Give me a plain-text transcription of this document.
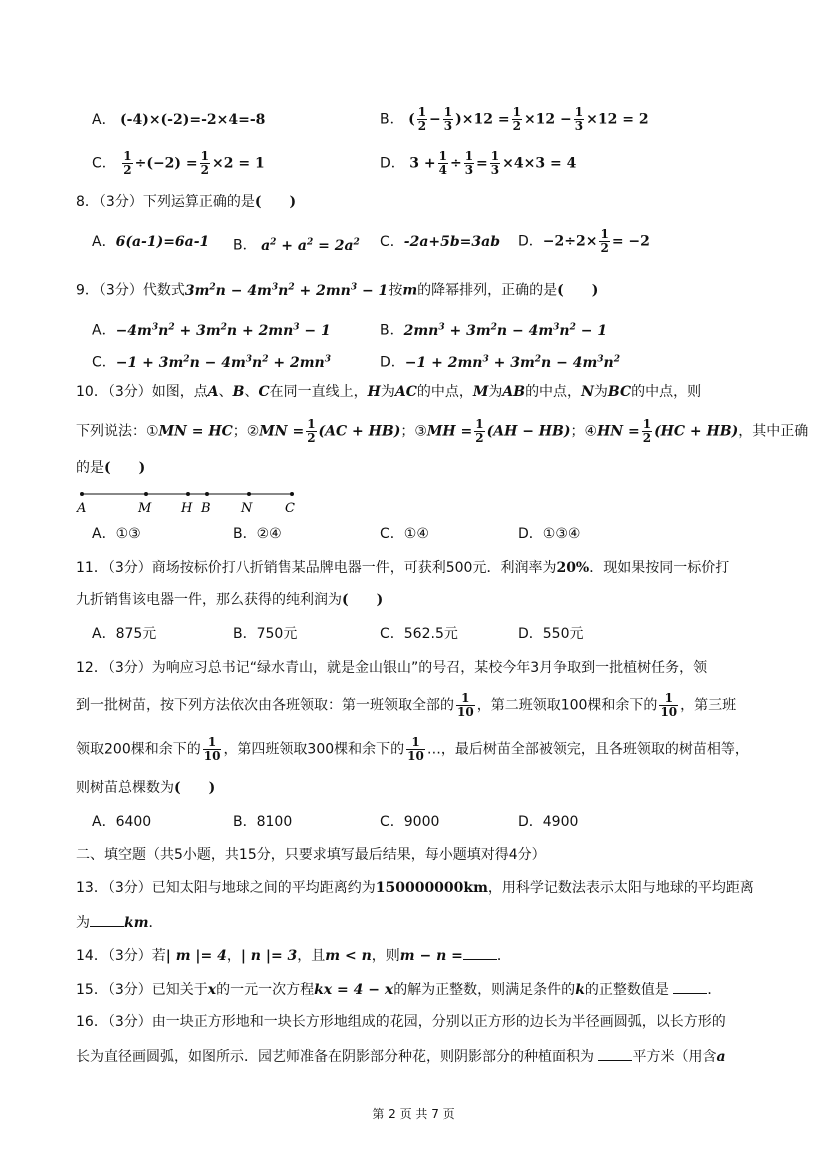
A． (-4)×(-2)=-2×4=-8	B． ( $\frac{1}{2} - \frac{1}{3} )\times 12 = \frac{1}{2} \times 12 - \frac{1}{3} \times 12 = 2$
C． $\frac{1}{2} \div(-2) = \frac{1}{2} \times 2 = 1$	D． $3 + \frac{1}{4} \div \frac{1}{3} = \frac{1}{3} \times 4\times 3 = 4$
8．（3分）下列运算正确的是(　　)
A．6(a-1)=6a-1 B． $a^2 + a^2 = 2a^2$ C．-2a+5b=3ab D．$-2\div 2\times \frac{1}{2} = -2$
9．（3分）代数式$3m^2n - 4m^3n^2 + 2mn^3 - 1$按m的降幂排列，正确的是(　　)
A．$-4m^3n^2 + 3m^2n + 2mn^3 - 1$	B．$2mn^3 + 3m^2n - 4m^3n^2 - 1$
C．$-1 + 3m^2n - 4m^3n^2 + 2mn^3$	D．$-1 + 2mn^3 + 3m^2n - 4m^3n^2$
10．（3分）如图，点A、B、C在同一直线上，H为AC的中点，M为AB的中点，N为BC的中点，则
下列说法：①MN = HC；②MN = $\frac{1}{2} (AC + HB)$；③MH = $\frac{1}{2} (AH - HB)$；④HN = $\frac{1}{2} (HC + HB)$，其中正确
的是(　　)
A	M H B N	C
A．①③	B．②④	C．①④	D．①③④
11．（3分）商场按标价打八折销售某品牌电器一件，可获利500元．利润率为20%．现如果按同一标价打
九折销售该电器一件，那么获得的纯利润为(　　)
A．875元	B．750元	C．562.5元	D．550元
12．（3分）为响应习总书记“绿水青山，就是金山银山”的号召，某校今年3月争取到一批植树任务，领
到一批树苗，按下列方法依次由各班领取：第一班领取全部的 $\frac{1}{10}$ ，第二班领取100棵和余下的 $\frac{1}{10}$ ，第三班
领取200棵和余下的 $\frac{1}{10}$ ，第四班领取300棵和余下的 $\frac{1}{10}$ …，最后树苗全部被领完，且各班领取的树苗相等，
则树苗总棵数为(　　)
A．6400	B．8100	C．9000	D．4900
二、填空题（共5小题，共15分，只要求填写最后结果，每小题填对得4分）
13．（3分）已知太阳与地球之间的平均距离约为150000000km，用科学记数法表示太阳与地球的平均距离
为 km．
14．（3分）若| m |= 4，| n |= 3，且m < n，则m − n = ．
15．（3分）已知关于x的一元一次方程kx = 4 − x的解为正整数，则满足条件的k的正整数值是	．
16．（3分）由一块正方形地和一块长方形地组成的花园，分别以正方形的边长为半径画圆弧，以长方形的
长为直径画圆弧，如图所示．园艺师准备在阴影部分种花，则阴影部分的种植面积为	平方米（用含a
第 2 页 共 7 页
